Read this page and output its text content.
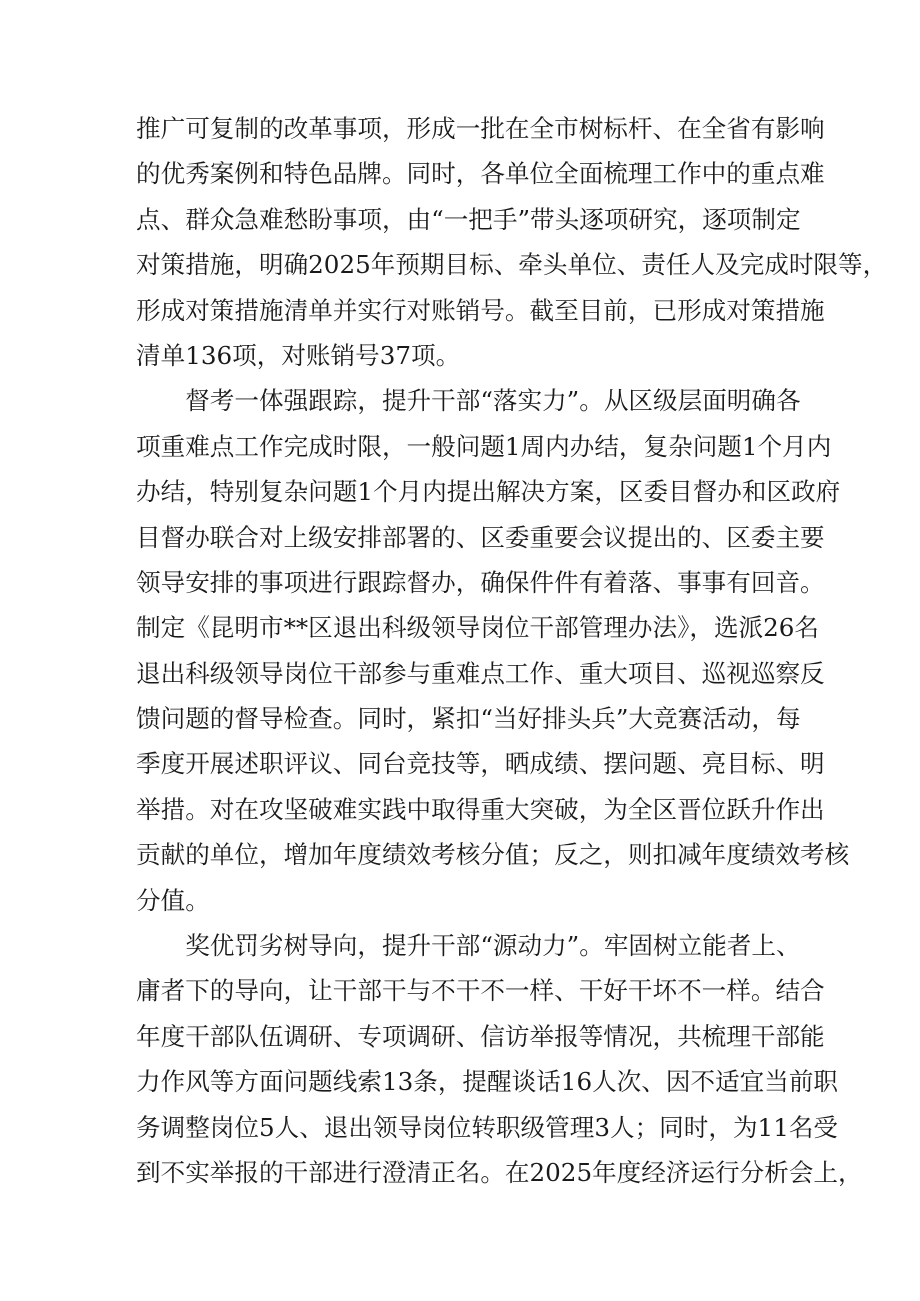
推广可复制的改革事项，形成一批在全市树标杆、在全省有影响
的优秀案例和特色品牌。同时，各单位全面梳理工作中的重点难
点、群众急难愁盼事项，由“一把手”带头逐项研究，逐项制定
对策措施，明确2025年预期目标、牵头单位、责任人及完成时限等，
形成对策措施清单并实行对账销号。截至目前，已形成对策措施
清单136项，对账销号37项。
　　督考一体强跟踪，提升干部“落实力”。从区级层面明确各
项重难点工作完成时限，一般问题1周内办结，复杂问题1个月内
办结，特别复杂问题1个月内提出解决方案，区委目督办和区政府
目督办联合对上级安排部署的、区委重要会议提出的、区委主要
领导安排的事项进行跟踪督办，确保件件有着落、事事有回音。
制定《昆明市**区退出科级领导岗位干部管理办法》，选派26名
退出科级领导岗位干部参与重难点工作、重大项目、巡视巡察反
馈问题的督导检查。同时，紧扣“当好排头兵”大竞赛活动，每
季度开展述职评议、同台竞技等，晒成绩、摆问题、亮目标、明
举措。对在攻坚破难实践中取得重大突破，为全区晋位跃升作出
贡献的单位，增加年度绩效考核分值；反之，则扣减年度绩效考核
分值。
　　奖优罚劣树导向，提升干部“源动力”。牢固树立能者上、
庸者下的导向，让干部干与不干不一样、干好干坏不一样。结合
年度干部队伍调研、专项调研、信访举报等情况，共梳理干部能
力作风等方面问题线索13条，提醒谈话16人次、因不适宜当前职
务调整岗位5人、退出领导岗位转职级管理3人；同时，为11名受
到不实举报的干部进行澄清正名。在2025年度经济运行分析会上，
